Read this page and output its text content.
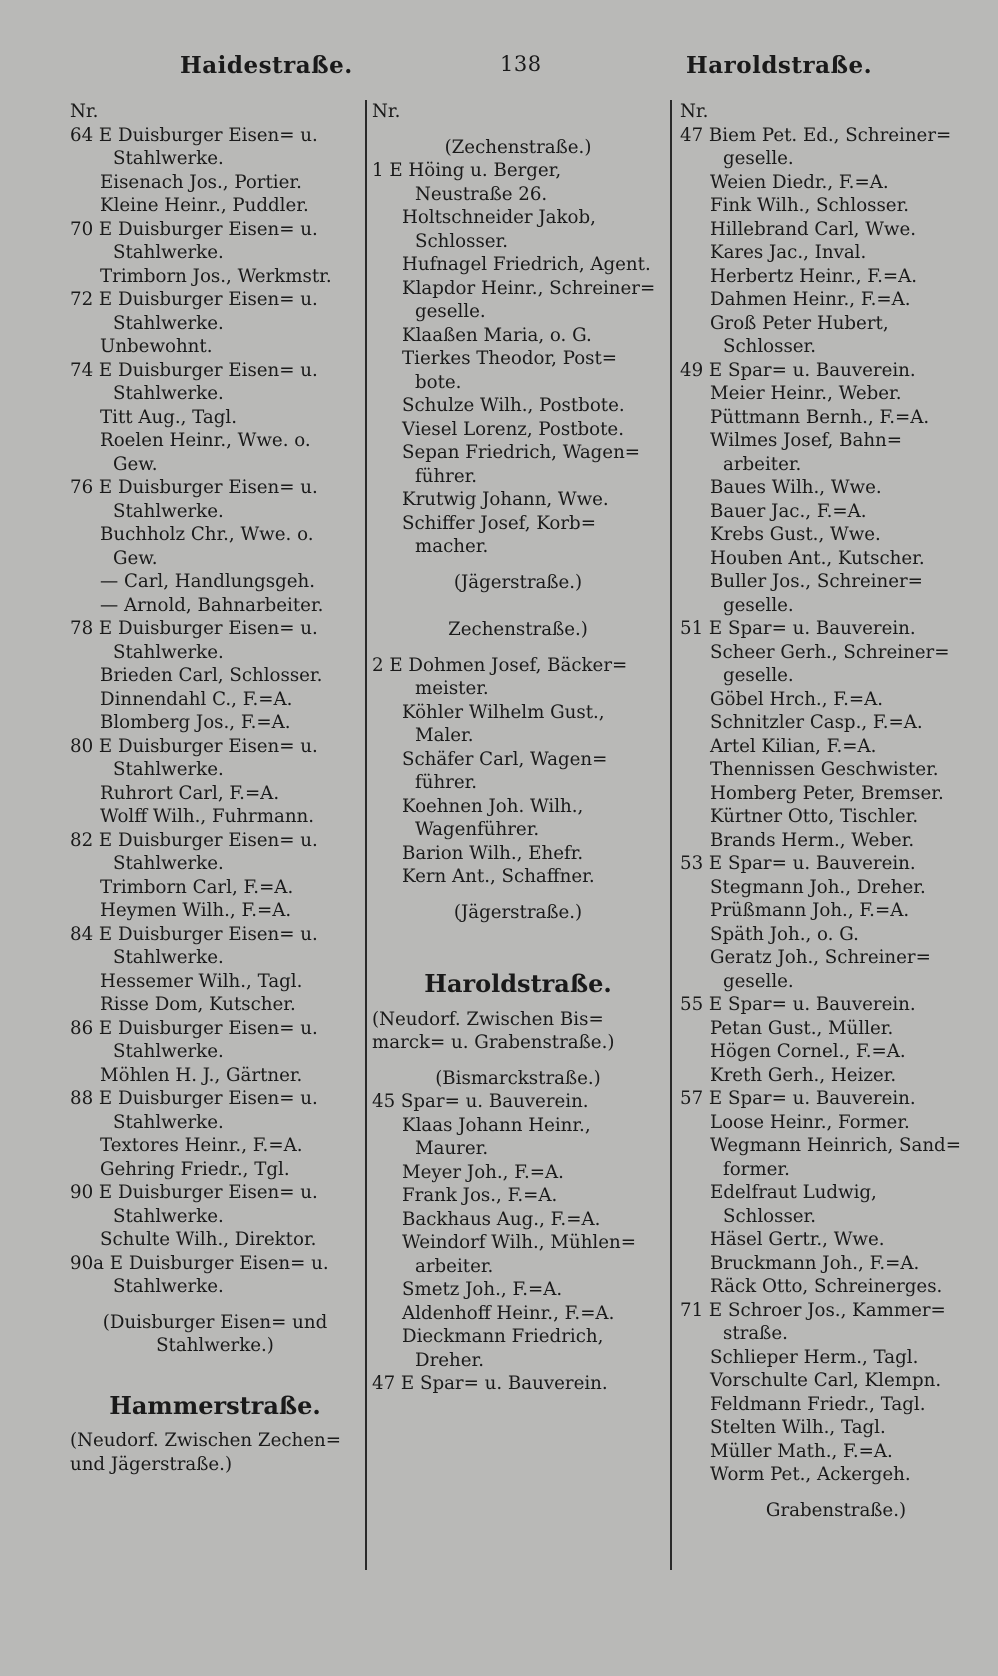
Haidestraße.	138	Haroldstraße.
Nr.
64 E Duisburger Eisen= u.
Stahlwerke.
Eisenach Jos., Portier.
Kleine Heinr., Puddler.
70 E Duisburger Eisen= u.
Stahlwerke.
Trimborn Jos., Werkmstr.
72 E Duisburger Eisen= u.
Stahlwerke.
Unbewohnt.
74 E Duisburger Eisen= u.
Stahlwerke.
Titt Aug., Tagl.
Roelen Heinr., Wwe. o.
Gew.
76 E Duisburger Eisen= u.
Stahlwerke.
Buchholz Chr., Wwe. o.
Gew.
— Carl, Handlungsgeh.
— Arnold, Bahnarbeiter.
78 E Duisburger Eisen= u.
Stahlwerke.
Brieden Carl, Schlosser.
Dinnendahl C., F.=A.
Blomberg Jos., F.=A.
80 E Duisburger Eisen= u.
Stahlwerke.
Ruhrort Carl, F.=A.
Wolff Wilh., Fuhrmann.
82 E Duisburger Eisen= u.
Stahlwerke.
Trimborn Carl, F.=A.
Heymen Wilh., F.=A.
84 E Duisburger Eisen= u.
Stahlwerke.
Hessemer Wilh., Tagl.
Risse Dom, Kutscher.
86 E Duisburger Eisen= u.
Stahlwerke.
Möhlen H. J., Gärtner.
88 E Duisburger Eisen= u.
Stahlwerke.
Textores Heinr., F.=A.
Gehring Friedr., Tgl.
90 E Duisburger Eisen= u.
Stahlwerke.
Schulte Wilh., Direktor.
90a E Duisburger Eisen= u.
Stahlwerke.
(Duisburger Eisen= und
Stahlwerke.)
Hammerstraße.
(Neudorf. Zwischen Zechen=
und Jägerstraße.)
Nr.
(Zechenstraße.)
1 E Höing u. Berger,
Neustraße 26.
Holtschneider Jakob,
Schlosser.
Hufnagel Friedrich, Agent.
Klapdor Heinr., Schreiner=
geselle.
Klaaßen Maria, o. G.
Tierkes Theodor, Post=
bote.
Schulze Wilh., Postbote.
Viesel Lorenz, Postbote.
Sepan Friedrich, Wagen=
führer.
Krutwig Johann, Wwe.
Schiffer Josef, Korb=
macher.
(Jägerstraße.)
Zechenstraße.)
2 E Dohmen Josef, Bäcker=
meister.
Köhler Wilhelm Gust.,
Maler.
Schäfer Carl, Wagen=
führer.
Koehnen Joh. Wilh.,
Wagenführer.
Barion Wilh., Ehefr.
Kern Ant., Schaffner.
(Jägerstraße.)
Haroldstraße.
(Neudorf. Zwischen Bis=
marck= u. Grabenstraße.)
(Bismarckstraße.)
45 Spar= u. Bauverein.
Klaas Johann Heinr.,
Maurer.
Meyer Joh., F.=A.
Frank Jos., F.=A.
Backhaus Aug., F.=A.
Weindorf Wilh., Mühlen=
arbeiter.
Smetz Joh., F.=A.
Aldenhoff Heinr., F.=A.
Dieckmann Friedrich,
Dreher.
47 E Spar= u. Bauverein.
Nr.
47 Biem Pet. Ed., Schreiner=
geselle.
Weien Diedr., F.=A.
Fink Wilh., Schlosser.
Hillebrand Carl, Wwe.
Kares Jac., Inval.
Herbertz Heinr., F.=A.
Dahmen Heinr., F.=A.
Groß Peter Hubert,
Schlosser.
49 E Spar= u. Bauverein.
Meier Heinr., Weber.
Püttmann Bernh., F.=A.
Wilmes Josef, Bahn=
arbeiter.
Baues Wilh., Wwe.
Bauer Jac., F.=A.
Krebs Gust., Wwe.
Houben Ant., Kutscher.
Buller Jos., Schreiner=
geselle.
51 E Spar= u. Bauverein.
Scheer Gerh., Schreiner=
geselle.
Göbel Hrch., F.=A.
Schnitzler Casp., F.=A.
Artel Kilian, F.=A.
Thennissen Geschwister.
Homberg Peter, Bremser.
Kürtner Otto, Tischler.
Brands Herm., Weber.
53 E Spar= u. Bauverein.
Stegmann Joh., Dreher.
Prüßmann Joh., F.=A.
Späth Joh., o. G.
Geratz Joh., Schreiner=
geselle.
55 E Spar= u. Bauverein.
Petan Gust., Müller.
Högen Cornel., F.=A.
Kreth Gerh., Heizer.
57 E Spar= u. Bauverein.
Loose Heinr., Former.
Wegmann Heinrich, Sand=
former.
Edelfraut Ludwig,
Schlosser.
Häsel Gertr., Wwe.
Bruckmann Joh., F.=A.
Räck Otto, Schreinerges.
71 E Schroer Jos., Kammer=
straße.
Schlieper Herm., Tagl.
Vorschulte Carl, Klempn.
Feldmann Friedr., Tagl.
Stelten Wilh., Tagl.
Müller Math., F.=A.
Worm Pet., Ackergeh.
Grabenstraße.)
